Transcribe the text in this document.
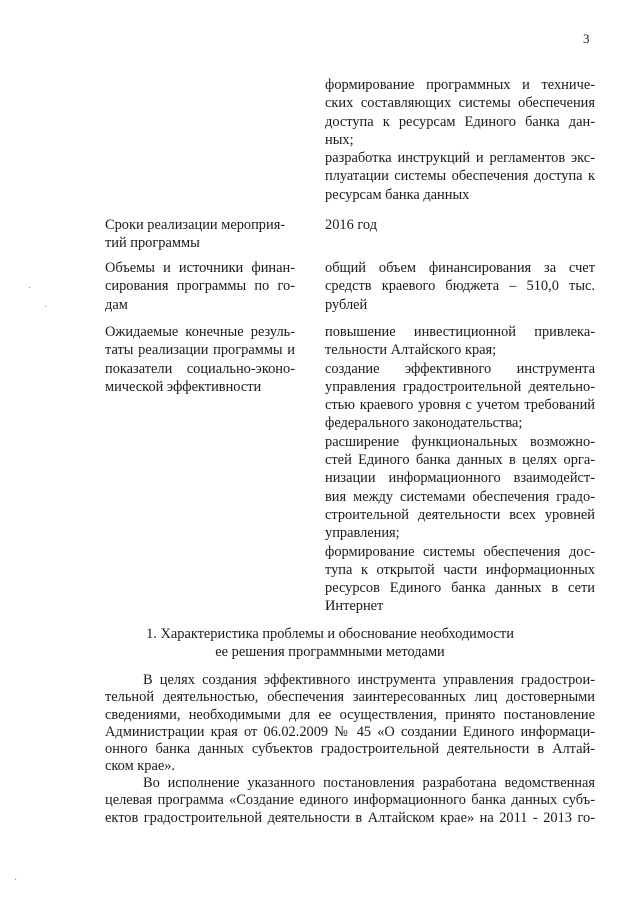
3
формирование программных и техниче-
ских составляющих системы обеспечения
доступа к ресурсам Единого банка дан-
ных;
разработка инструкций и регламентов экс-
плуатации системы обеспечения доступа к
ресурсам банка данных
Сроки реализации мероприя-
тий программы
2016 год
Объемы и источники финан-
сирования программы по го-
дам
общий объем финансирования за счет
средств краевого бюджета – 510,0 тыс.
рублей
Ожидаемые конечные резуль-
таты реализации программы и
показатели социально-эконо-
мической эффективности
повышение инвестиционной привлека-
тельности Алтайского края;
создание эффективного инструмента
управления градостроительной деятельно-
стью краевого уровня с учетом требований
федерального законодательства;
расширение функциональных возможно-
стей Единого банка данных в целях орга-
низации информационного взаимодейст-
вия между системами обеспечения градо-
строительной деятельности всех уровней
управления;
формирование системы обеспечения дос-
тупа к открытой части информационных
ресурсов Единого банка данных в сети
Интернет
1. Характеристика проблемы и обоснование необходимости
ее решения программными методами
В целях создания эффективного инструмента управления градострои-
тельной деятельностью, обеспечения заинтересованных лиц достоверными
сведениями, необходимыми для ее осуществления, принято постановление
Администрации края от 06.02.2009 № 45 «О создании Единого информаци-
онного банка данных субъектов градостроительной деятельности в Алтай-
ском крае».
Во исполнение указанного постановления разработана ведомственная
целевая программа «Создание единого информационного банка данных субъ-
ектов градостроительной деятельности в Алтайском крае» на 2011 - 2013 го-
·
·
·
